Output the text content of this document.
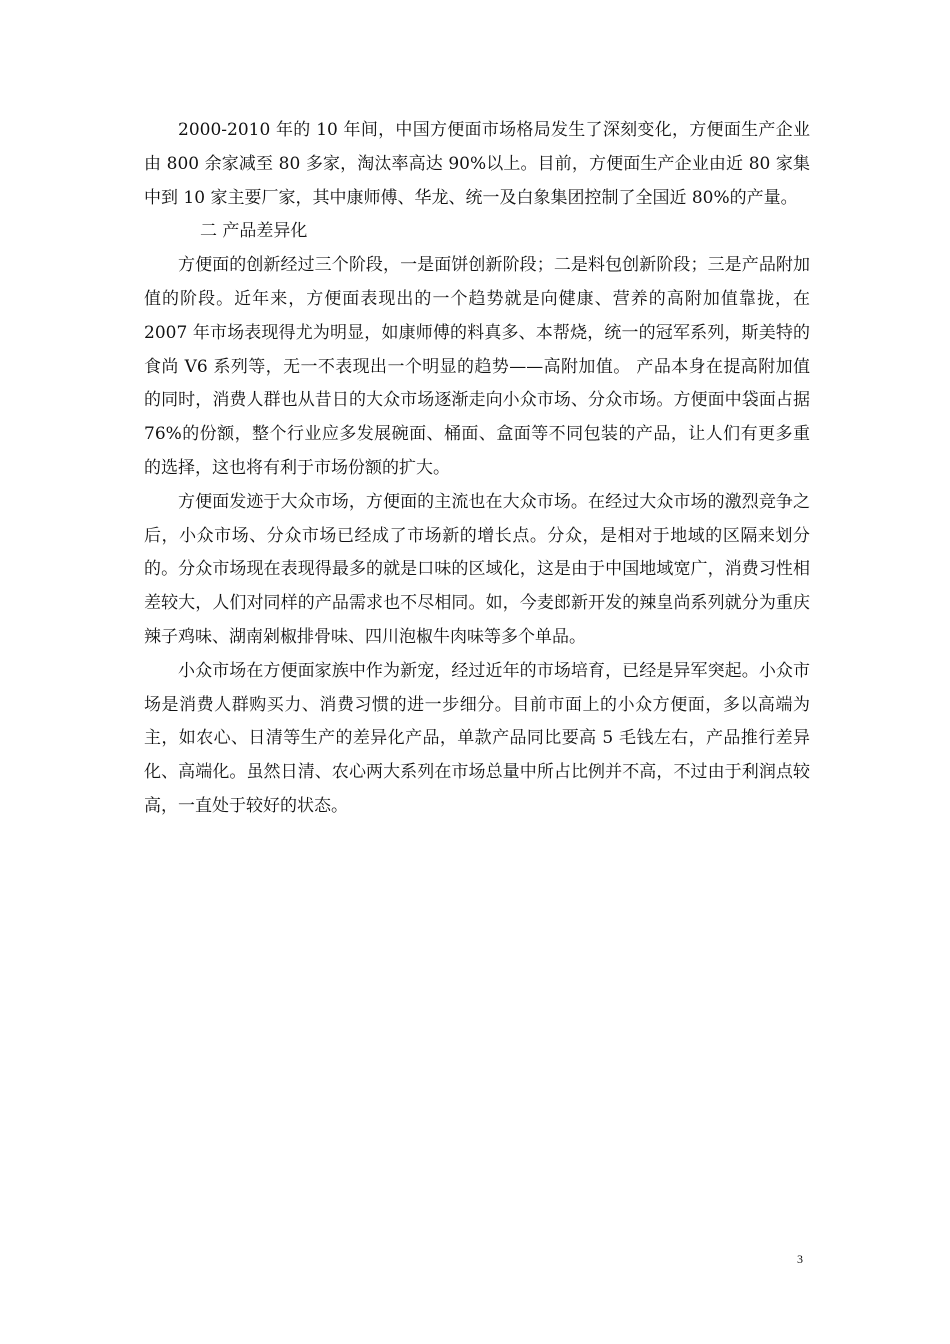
2000-2010 年的 10 年间，中国方便面市场格局发生了深刻变化，方便面生产企业由 800 余家减至 80 多家，淘汰率高达 90%以上。目前，方便面生产企业由近 80 家集中到 10 家主要厂家，其中康师傅、华龙、统一及白象集团控制了全国近 80%的产量。

二 产品差异化

方便面的创新经过三个阶段，一是面饼创新阶段；二是料包创新阶段；三是产品附加值的阶段。近年来，方便面表现出的一个趋势就是向健康、营养的高附加值靠拢，在 2007 年市场表现得尤为明显，如康师傅的料真多、本帮烧，统一的冠军系列，斯美特的食尚 V6 系列等，无一不表现出一个明显的趋势——高附加值。 产品本身在提高附加值的同时，消费人群也从昔日的大众市场逐渐走向小众市场、分众市场。方便面中袋面占据 76%的份额，整个行业应多发展碗面、桶面、盒面等不同包装的产品，让人们有更多重的选择，这也将有利于市场份额的扩大。

方便面发迹于大众市场，方便面的主流也在大众市场。在经过大众市场的激烈竞争之后，小众市场、分众市场已经成了市场新的增长点。分众，是相对于地域的区隔来划分的。分众市场现在表现得最多的就是口味的区域化，这是由于中国地域宽广，消费习性相差较大，人们对同样的产品需求也不尽相同。如，今麦郎新开发的辣皇尚系列就分为重庆辣子鸡味、湖南剁椒排骨味、四川泡椒牛肉味等多个单品。

小众市场在方便面家族中作为新宠，经过近年的市场培育，已经是异军突起。小众市场是消费人群购买力、消费习惯的进一步细分。目前市面上的小众方便面，多以高端为主，如农心、日清等生产的差异化产品，单款产品同比要高 5 毛钱左右，产品推行差异化、高端化。虽然日清、农心两大系列在市场总量中所占比例并不高，不过由于利润点较高，一直处于较好的状态。

3
